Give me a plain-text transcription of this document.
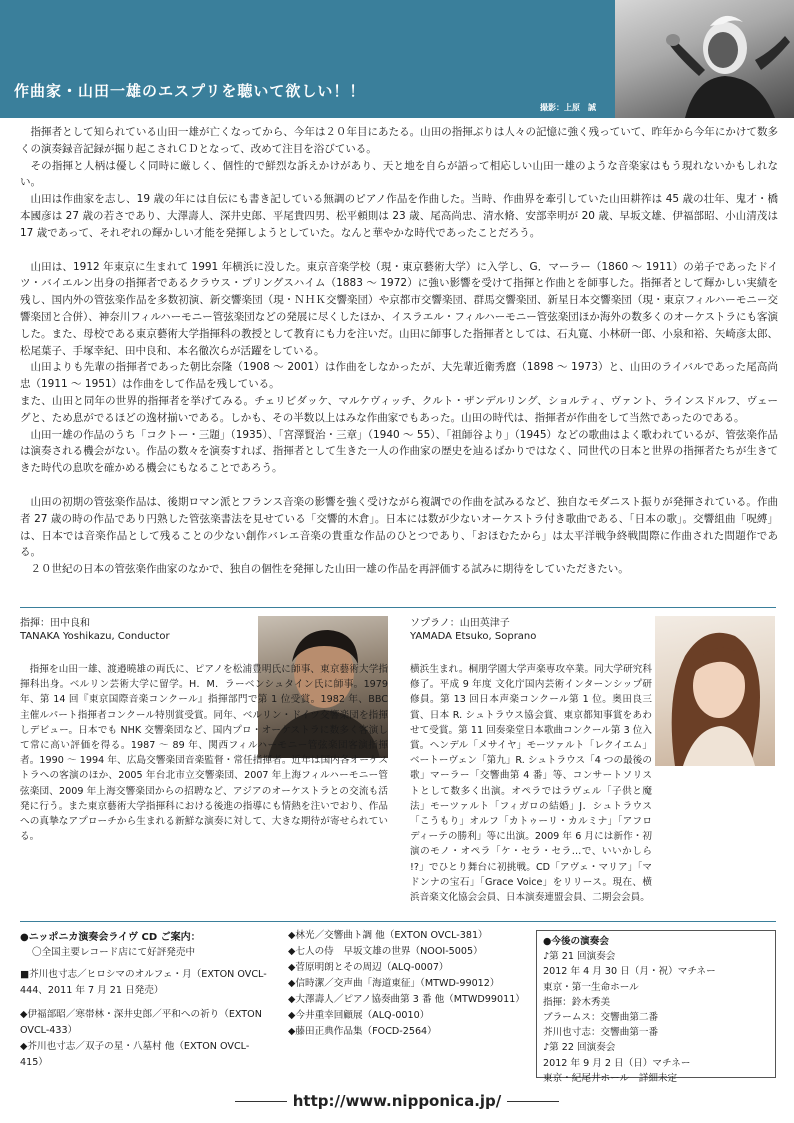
作曲家・山田一雄のエスプリを聴いて欲しい！！
撮影：上原　誠

指揮者として知られている山田一雄が亡くなってから、今年は２０年目にあたる。山田の指揮ぶりは人々の記憶に強く残っていて、昨年から今年にかけて数多くの演奏録音記録が掘り起こされＣＤとなって、改めて注目を浴びている。

その指揮と人柄は優しく同時に厳しく、個性的で鮮烈な訴えかけがあり、天と地を自らが語って相応しい山田一雄のような音楽家はもう現れないかもしれない。

山田は作曲家を志し、19 歳の年には自伝にも書き記している無調のピアノ作品を作曲した。当時、作曲界を牽引していた山田耕筰は 45 歳の壮年、鬼才・橋本國彦は 27 歳の若さであり、大澤壽人、深井史郎、平尾貴四男、松平頼則は 23 歳、尾高尚忠、清水脩、安部幸明が 20 歳、早坂文雄、伊福部昭、小山清茂は 17 歳であって、それぞれの輝かしい才能を発揮しようとしていた。なんと華やかな時代であったことだろう。

山田は、1912 年東京に生まれて 1991 年横浜に没した。東京音楽学校（現・東京藝術大学）に入学し、G．マーラー（1860 ～ 1911）の弟子であったドイツ・バイエルン出身の指揮者であるクラウス・プリングスハイム（1883 ～ 1972）に強い影響を受けて指揮と作曲とを師事した。指揮者として輝かしい実績を残し、国内外の管弦楽作品を多数初演、新交響楽団（現・ＮＨＫ交響楽団）や京都市交響楽団、群馬交響楽団、新星日本交響楽団（現・東京フィルハーモニー交響楽団と合併）、神奈川フィルハーモニー管弦楽団などの発展に尽くしたほか、イスラエル・フィルハーモニー管弦楽団ほか海外の数多くのオーケストラにも客演した。また、母校である東京藝術大学指揮科の教授として教育にも力を注いだ。山田に師事した指揮者としては、石丸寛、小林研一郎、小泉和裕、矢崎彦太郎、松尾葉子、手塚幸紀、田中良和、本名徹次らが活躍をしている。

山田よりも先輩の指揮者であった朝比奈隆（1908 ～ 2001）は作曲をしなかったが、大先輩近衛秀麿（1898 ～ 1973）と、山田のライバルであった尾高尚忠（1911 ～ 1951）は作曲をして作品を残している。

また、山田と同年の世界的指揮者を挙げてみる。チェリビダッケ、マルケヴィッチ、クルト・ザンデルリング、ショルティ、ヴァント、ラインスドルフ、ヴェーグと、ため息がでるほどの逸材揃いである。しかも、その半数以上はみな作曲家でもあった。山田の時代は、指揮者が作曲をして当然であったのである。

山田一雄の作品のうち「コクトー・三題」（1935）、「宮澤賢治・三章」（1940 ～ 55）、「祖師谷より」（1945）などの歌曲はよく歌われているが、管弦楽作品は演奏される機会がない。作品の数々を演奏すれば、指揮者として生きた一人の作曲家の歴史を辿るばかりではなく、同世代の日本と世界の指揮者たちが生きてきた時代の息吹を確かめる機会にもなることであろう。

山田の初期の管弦楽作品は、後期ロマン派とフランス音楽の影響を強く受けながら複調での作曲を試みるなど、独自なモダニスト振りが発揮されている。作曲者 27 歳の時の作品であり円熟した管弦楽書法を見せている「交響的木倉」。日本には数が少ないオーケストラ付き歌曲である、「日本の歌」。交響組曲「呪縛」は、日本では音楽作品として残ることの少ない創作バレエ音楽の貴重な作品のひとつであり、「おほむたから」は太平洋戦争終戦間際に作曲された問題作である。

２０世紀の日本の管弦楽作曲家のなかで、独自の個性を発揮した山田一雄の作品を再評価する試みに期待をしていただきたい。

指揮：田中良和
TANAKA Yoshikazu, Conductor
指揮を山田一雄、渡邉曉雄の両氏に、ピアノを松浦豊明氏に師事、東京藝術大学指揮科出身。ベルリン芸術大学に留学。H．M．ラーベンシュタイン氏に師事。1979 年、第 14 回『東京国際音楽コンクール』指揮部門で第 1 位受賞。1982 年、BBC 主催ルパート指揮者コンクール特別賞受賞。同年、ベルリン・ドイツ交響楽団を指揮しデビュー。日本でも NHK 交響楽団など、国内プロ・オーケストラに数多く客演して常に高い評価を得る。1987 ～ 89 年、関西フィルハーモニー管弦楽団客演指揮者。1990 ～ 1994 年、広島交響楽団音楽監督・常任指揮者。近年は国内各オーケストラへの客演のほか、2005 年台北市立交響楽団、2007 年上海フィルハーモニー管弦楽団、2009 年上海交響楽団からの招聘など、アジアのオーケストラとの交流も活発に行う。また東京藝術大学指揮科における後進の指導にも情熱を注いでおり、作品への真摯なアプローチから生まれる新鮮な演奏に対して、大きな期待が寄せられている。
ソプラノ：山田英津子
YAMADA Etsuko, Soprano
横浜生まれ。桐朋学園大学声楽専攻卒業。同大学研究科修了。平成 9 年度 文化庁国内芸術インターンシップ研修員。第 13 回日本声楽コンクール第 1 位。奥田良三賞、日本 R. シュトラウス協会賞、東京都知事賞をあわせて受賞。第 11 回奏楽堂日本歌曲コンクール第 3 位入賞。ヘンデル「メサイヤ」モーツァルト「レクイエム」ベートーヴェン「第九」R. シュトラウス「4 つの最後の歌」マーラー「交響曲第 4 番」等、コンサートソリストとして数多く出演。オペラではラヴェル「子供と魔法」モーツァルト「フィガロの結婚」J．シュトラウス「こうもり」オルフ「カトゥーリ・カルミナ」「アフロディーテの勝利」等に出演。2009 年 6 月には新作・初演のモノ・オペラ「ケ・セラ・セラ…で、いいかしら !?」でひとり舞台に初挑戦。CD「アヴェ・マリア」「マドンナの宝石」「Grace Voice」をリリース。現在、横浜音楽文化協会会員、日本演奏連盟会員、二期会会員。
●ニッポニカ演奏会ライヴ CD ご案内：
〇全国主要レコード店にて好評発売中
■芥川也寸志／ヒロシマのオルフェ・月（EXTON OVCL-444、2011 年 7 月 21 日発売）
◆伊福部昭／寒帯林・深井史郎／平和への祈り（EXTON OVCL-433）
◆芥川也寸志／双子の星・八墓村 他（EXTON OVCL-415）
◆林光／交響曲ト調 他（EXTON OVCL-381）
◆七人の侍　早坂文雄の世界（NOOI-5005）
◆菅原明朗とその周辺（ALQ-0007）
◆信時潔／交声曲「海道東征」（MTWD-99012）
◆大澤壽人／ピアノ協奏曲第 3 番 他（MTWD99011）
◆今井重幸回顧展（ALQ-0010）
◆藤田正典作品集（FOCD-2564）
●今後の演奏会
♪第 21 回演奏会
2012 年 4 月 30 日（月・祝）マチネー
東京・第一生命ホール
指揮：鈴木秀美
ブラームス：交響曲第二番
芥川也寸志：交響曲第一番
♪第 22 回演奏会
2012 年 9 月 2 日（日）マチネー
東京・紀尾井ホール　詳細未定
http://www.nipponica.jp/
